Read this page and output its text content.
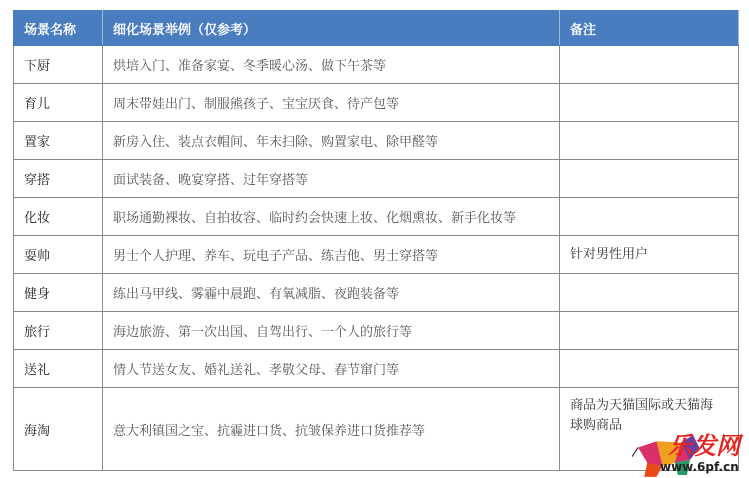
场景名称	细化场景举例（仅参考）	备注
下厨	烘培入门、准备家宴、冬季暖心汤、做下午茶等	
育儿	周末带娃出门、制服熊孩子、宝宝厌食、待产包等	
置家	新房入住、装点衣帽间、年末扫除、购置家电、除甲醛等	
穿搭	面试装备、晚宴穿搭、过年穿搭等	
化妆	职场通勤裸妆、自拍妆容、临时约会快速上妆、化烟熏妆、新手化妆等	
耍帅	男士个人护理、养车、玩电子产品、练吉他、男士穿搭等	针对男性用户
健身	练出马甲线、雾霾中晨跑、有氧减脂、夜跑装备等	
旅行	海边旅游、第一次出国、自驾出行、一个人的旅行等	
送礼	情人节送女友、婚礼送礼、孝敬父母、春节窜门等	
海淘	意大利镇国之宝、抗霾进口货、抗皱保养进口货推荐等	商品为天猫国际或天猫海
球购商品
乐发网
www.6pf.cn
